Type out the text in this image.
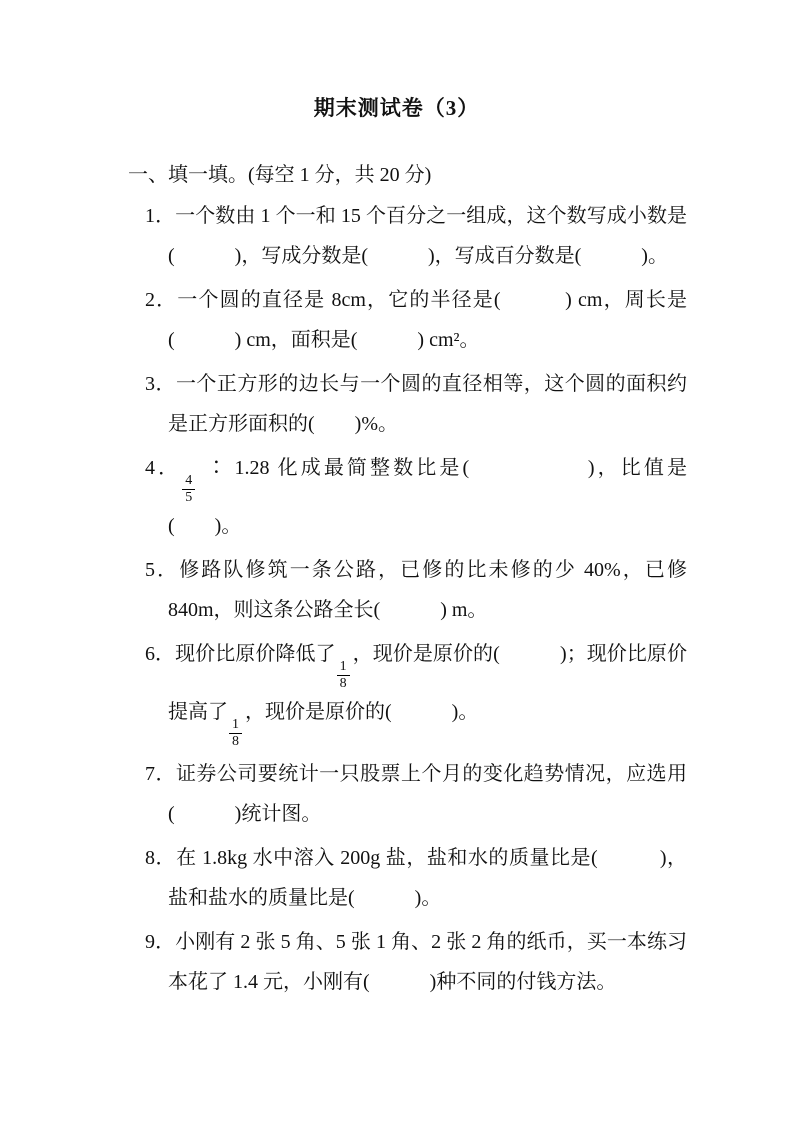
期末测试卷（3）
一、填一填。(每空 1 分，共 20 分)
1．一个数由 1 个一和 15 个百分之一组成，这个数写成小数是(　　　)，写成分数是(　　　)，写成百分数是(　　　)。
2．一个圆的直径是 8cm，它的半径是(　　　) cm，周长是(　　　) cm，面积是(　　　) cm²。
3．一个正方形的边长与一个圆的直径相等，这个圆的面积约是正方形面积的(　　)%。
4．
$\frac{4}{5}$
∶ 1.28 化成最简整数比是(　　　　　)，比值是(　　)。
5．修路队修筑一条公路，已修的比未修的少 40%，已修 840m，则这条公路全长(　　　) m。
6．现价比原价降低了
$\frac{1}{8}$
，现价是原价的(　　　)；现价比原价提高了
$\frac{1}{8}$
，现价是原价的(　　　)。
7．证券公司要统计一只股票上个月的变化趋势情况，应选用(　　　)统计图。
8．在 1.8kg 水中溶入 200g 盐，盐和水的质量比是(　　　)，盐和盐水的质量比是(　　　)。
9．小刚有 2 张 5 角、5 张 1 角、2 张 2 角的纸币，买一本练习本花了 1.4 元，小刚有(　　　)种不同的付钱方法。
